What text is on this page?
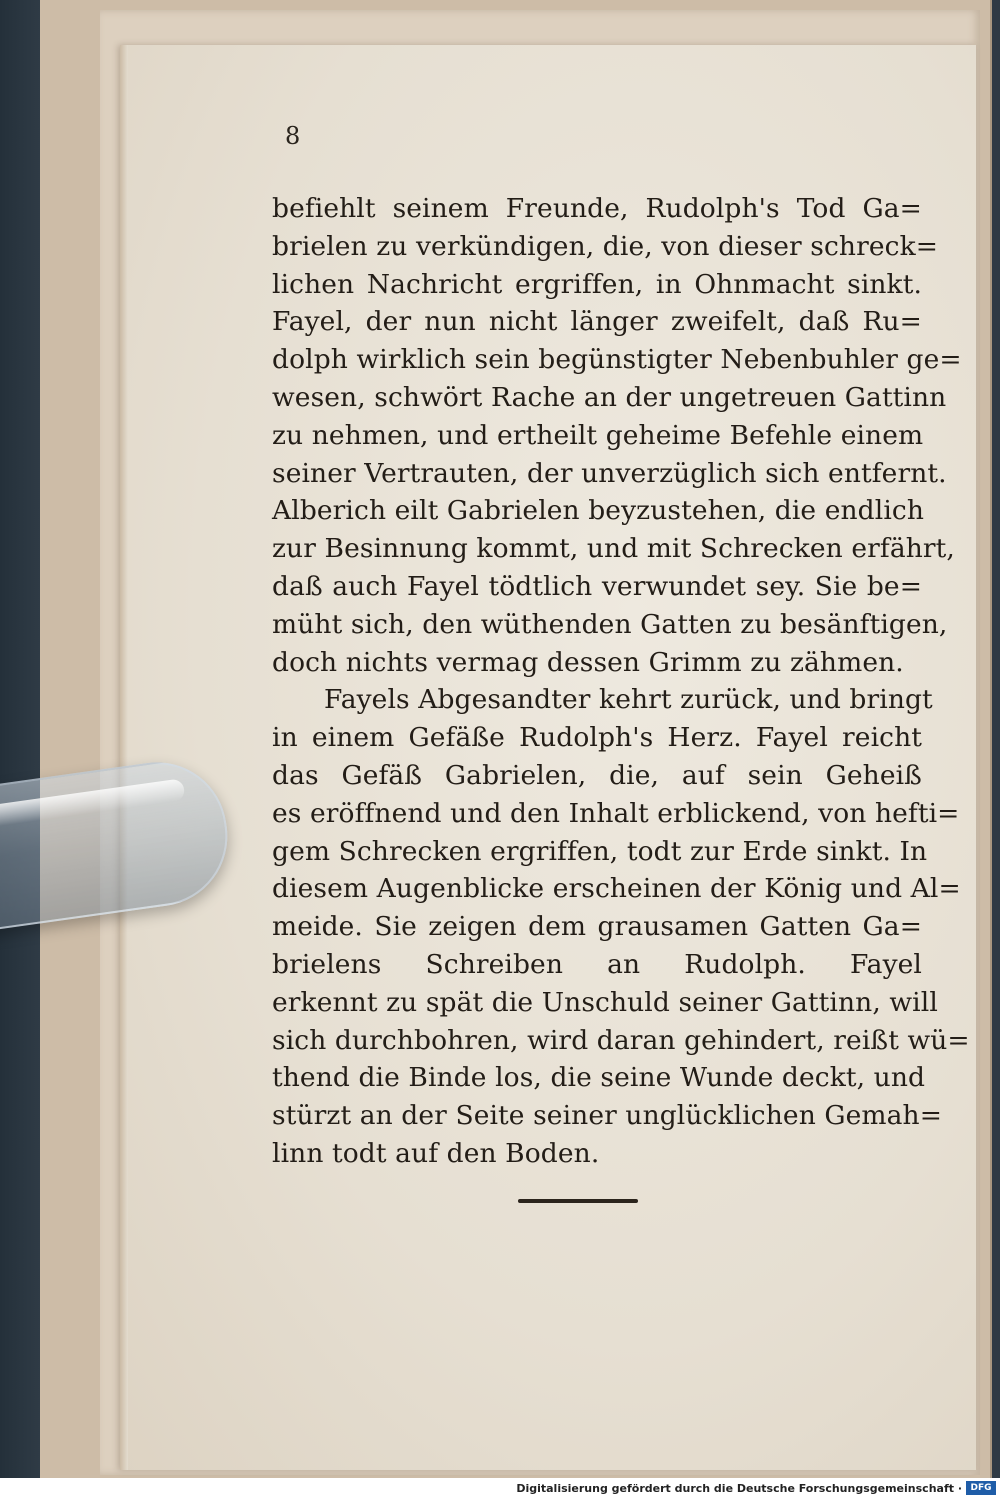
8
befiehlt seinem Freunde, Rudolph's Tod Ga=
brielen zu verkündigen, die, von dieser schreck=
lichen Nachricht ergriffen, in Ohnmacht sinkt.
Fayel, der nun nicht länger zweifelt, daß Ru=
dolph wirklich sein begünstigter Nebenbuhler ge=
wesen, schwört Rache an der ungetreuen Gattinn
zu nehmen, und ertheilt geheime Befehle einem
seiner Vertrauten, der unverzüglich sich entfernt.
Alberich eilt Gabrielen beyzustehen, die endlich
zur Besinnung kommt, und mit Schrecken erfährt,
daß auch Fayel tödtlich verwundet sey. Sie be=
müht sich, den wüthenden Gatten zu besänftigen,
doch nichts vermag dessen Grimm zu zähmen.
Fayels Abgesandter kehrt zurück, und bringt
in einem Gefäße Rudolph's Herz. Fayel reicht
das Gefäß Gabrielen, die, auf sein Geheiß
es eröffnend und den Inhalt erblickend, von hefti=
gem Schrecken ergriffen, todt zur Erde sinkt. In
diesem Augenblicke erscheinen der König und Al=
meide. Sie zeigen dem grausamen Gatten Ga=
brielens Schreiben an Rudolph. Fayel
erkennt zu spät die Unschuld seiner Gattinn, will
sich durchbohren, wird daran gehindert, reißt wü=
thend die Binde los, die seine Wunde deckt, und
stürzt an der Seite seiner unglücklichen Gemah=
linn todt auf den Boden.
Digitalisierung gefördert durch die Deutsche Forschungsgemeinschaft · DFG
